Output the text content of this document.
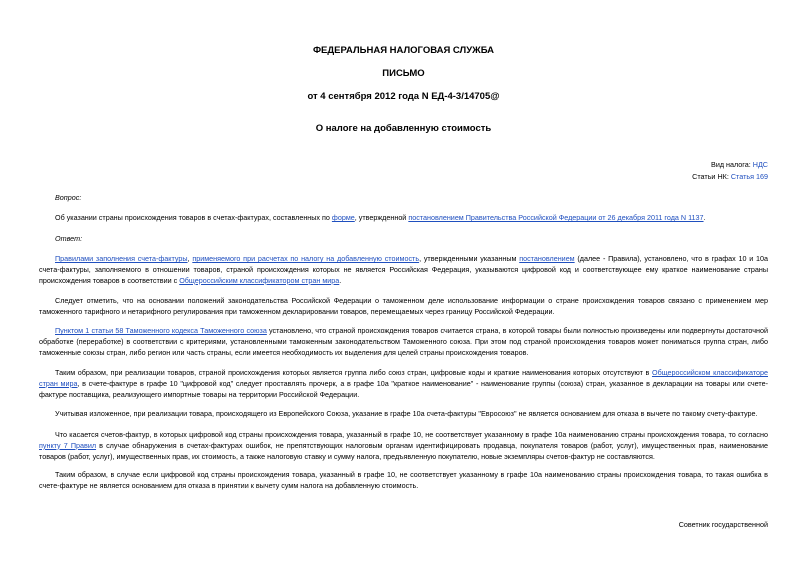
ФЕДЕРАЛЬНАЯ НАЛОГОВАЯ СЛУЖБА
ПИСЬМО
от 4 сентября 2012 года N ЕД-4-3/14705@
О налоге на добавленную стоимость
Вид налога: НДС
Статьи НК: Статья 169
Вопрос:
Об указании страны происхождения товаров в счетах-фактурах, составленных по форме, утвержденной постановлением Правительства Российской Федерации от 26 декабря 2011 года N 1137.
Ответ:
Правилами заполнения счета-фактуры, применяемого при расчетах по налогу на добавленную стоимость, утвержденными указанным постановлением (далее - Правила), установлено, что в графах 10 и 10а счета-фактуры, заполняемого в отношении товаров, страной происхождения которых не является Российская Федерация, указываются цифровой код и соответствующее ему краткое наименование страны происхождения товаров в соответствии с Общероссийским классификатором стран мира.
Следует отметить, что на основании положений законодательства Российской Федерации о таможенном деле использование информации о стране происхождения товаров связано с применением мер таможенного тарифного и нетарифного регулирования при таможенном декларировании товаров, перемещаемых через границу Российской Федерации.
Пунктом 1 статьи 58 Таможенного кодекса Таможенного союза установлено, что страной происхождения товаров считается страна, в которой товары были полностью произведены или подвергнуты достаточной обработке (переработке) в соответствии с критериями, установленными таможенным законодательством Таможенного союза. При этом под страной происхождения товаров может пониматься группа стран, либо таможенные союзы стран, либо регион или часть страны, если имеется необходимость их выделения для целей страны происхождения товаров.
Таким образом, при реализации товаров, страной происхождения которых является группа либо союз стран, цифровые коды и краткие наименования которых отсутствуют в Общероссийском классификаторе стран мира, в счете-фактуре в графе 10 "цифровой код" следует проставлять прочерк, а в графе 10а "краткое наименование" - наименование группы (союза) стран, указанное в декларации на товары или счете-фактуре поставщика, реализующего импортные товары на территории Российской Федерации.
Учитывая изложенное, при реализации товара, происходящего из Европейского Союза, указание в графе 10а счета-фактуры "Евросоюз" не является основанием для отказа в вычете по такому счету-фактуре.
Что касается счетов-фактур, в которых цифровой код страны происхождения товара, указанный в графе 10, не соответствует указанному в графе 10а наименованию страны происхождения товара, то согласно пункту 7 Правил в случае обнаружения в счетах-фактурах ошибок, не препятствующих налоговым органам идентифицировать продавца, покупателя товаров (работ, услуг), имущественных прав, наименование товаров (работ, услуг), имущественных прав, их стоимость, а также налоговую ставку и сумму налога, предъявленную покупателю, новые экземпляры счетов-фактур не составляются.
Таким образом, в случае если цифровой код страны происхождения товара, указанный в графе 10, не соответствует указанному в графе 10а наименованию страны происхождения товара, то такая ошибка в счете-фактуре не является основанием для отказа в принятии к вычету сумм налога на добавленную стоимость.
Советник государственной
